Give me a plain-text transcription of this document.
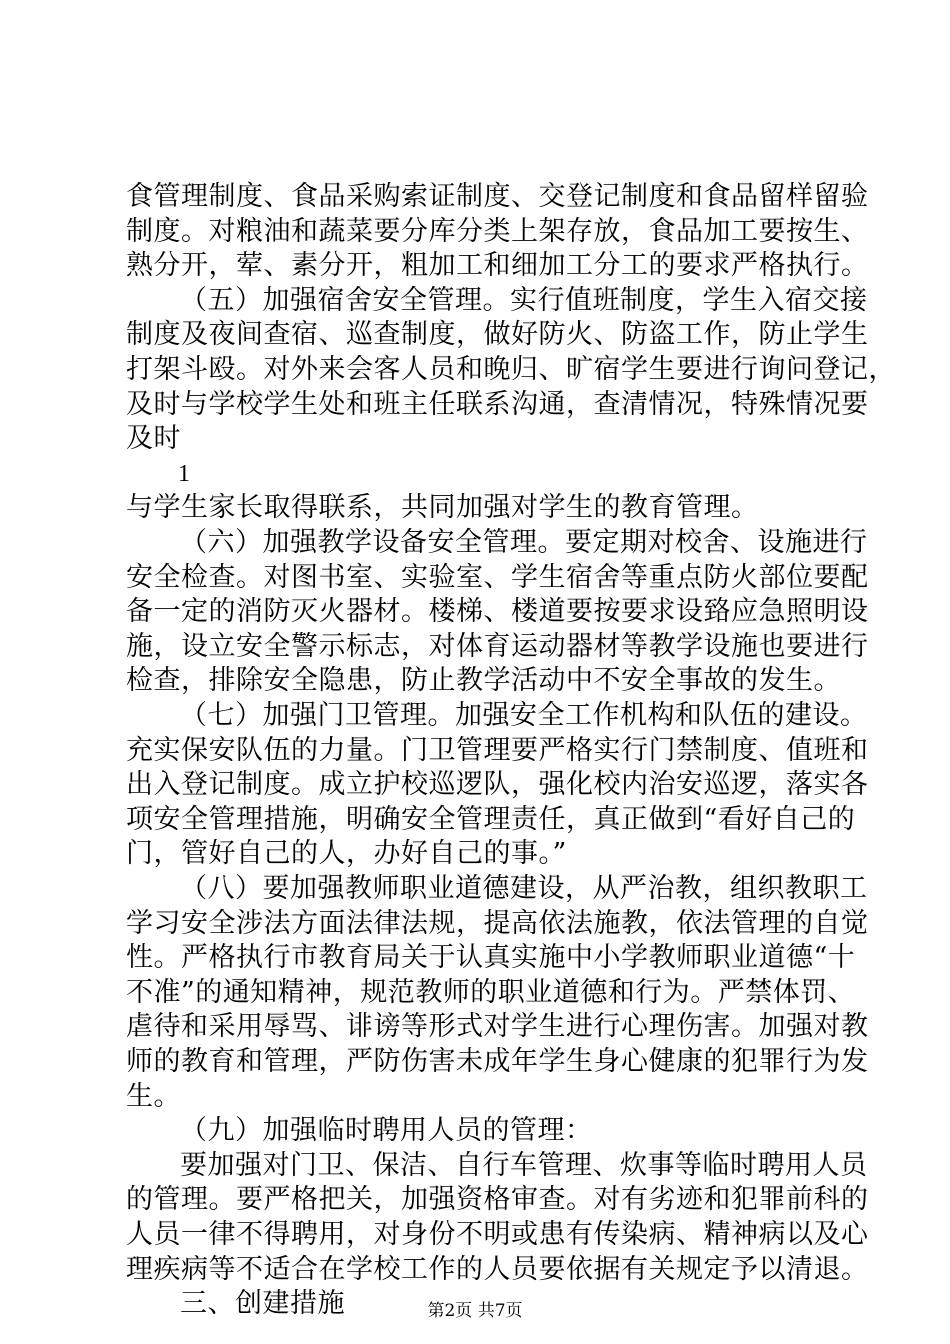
食管理制度、食品采购索证制度、交登记制度和食品留样留验
制度。对粮油和蔬菜要分库分类上架存放，食品加工要按生、
熟分开，荤、素分开，粗加工和细加工分工的要求严格执行。
（五）加强宿舍安全管理。实行值班制度，学生入宿交接
制度及夜间查宿、巡查制度，做好防火、防盗工作，防止学生
打架斗殴。对外来会客人员和晚归、旷宿学生要进行询问登记，
及时与学校学生处和班主任联系沟通，查清情况，特殊情况要
及时
1
与学生家长取得联系，共同加强对学生的教育管理。
（六）加强教学设备安全管理。要定期对校舍、设施进行
安全检查。对图书室、实验室、学生宿舍等重点防火部位要配
备一定的消防灭火器材。楼梯、楼道要按要求设臵应急照明设
施，设立安全警示标志，对体育运动器材等教学设施也要进行
检查，排除安全隐患，防止教学活动中不安全事故的发生。
（七）加强门卫管理。加强安全工作机构和队伍的建设。
充实保安队伍的力量。门卫管理要严格实行门禁制度、值班和
出入登记制度。成立护校巡逻队，强化校内治安巡逻，落实各
项安全管理措施，明确安全管理责任，真正做到“看好自己的
门，管好自己的人，办好自己的事。”
（八）要加强教师职业道德建设，从严治教，组织教职工
学习安全涉法方面法律法规，提高依法施教，依法管理的自觉
性。严格执行市教育局关于认真实施中小学教师职业道德“十
不准”的通知精神，规范教师的职业道德和行为。严禁体罚、
虐待和采用辱骂、诽谤等形式对学生进行心理伤害。加强对教
师的教育和管理，严防伤害未成年学生身心健康的犯罪行为发
生。
（九）加强临时聘用人员的管理：
要加强对门卫、保洁、自行车管理、炊事等临时聘用人员
的管理。要严格把关，加强资格审查。对有劣迹和犯罪前科的
人员一律不得聘用，对身份不明或患有传染病、精神病以及心
理疾病等不适合在学校工作的人员要依据有关规定予以清退。
三、创建措施	第2页 共7页
